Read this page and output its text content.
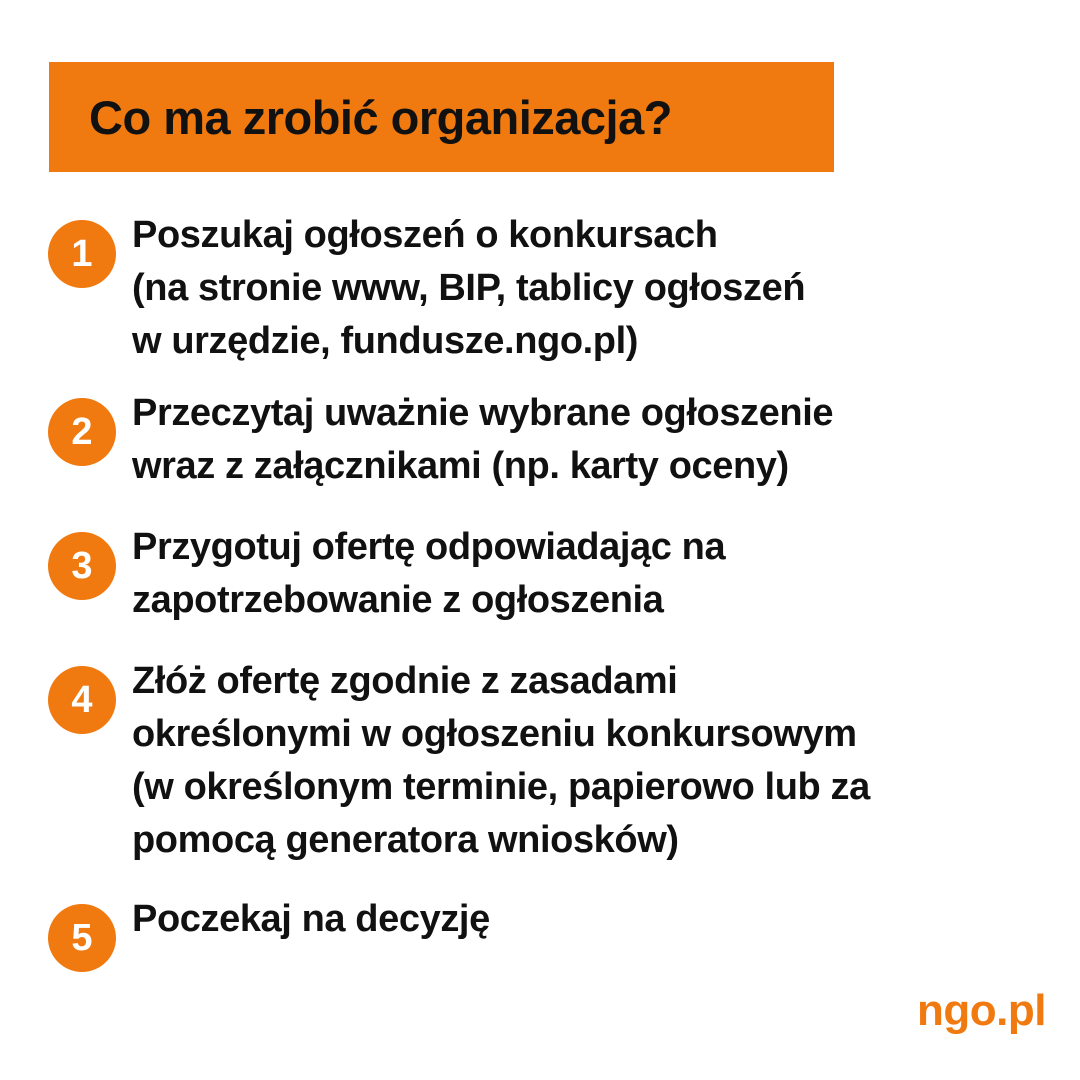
Co ma zrobić organizacja?
1	Poszukaj ogłoszeń o konkursach
(na stronie www, BIP, tablicy ogłoszeń
w urzędzie, fundusze.ngo.pl)
2	Przeczytaj uważnie wybrane ogłoszenie
wraz z załącznikami (np. karty oceny)
3	Przygotuj ofertę odpowiadając na
zapotrzebowanie z ogłoszenia
4	Złóż ofertę zgodnie z zasadami
określonymi w ogłoszeniu konkursowym
(w określonym terminie, papierowo lub za
pomocą generatora wniosków)
5	Poczekaj na decyzję
ngo.pl
